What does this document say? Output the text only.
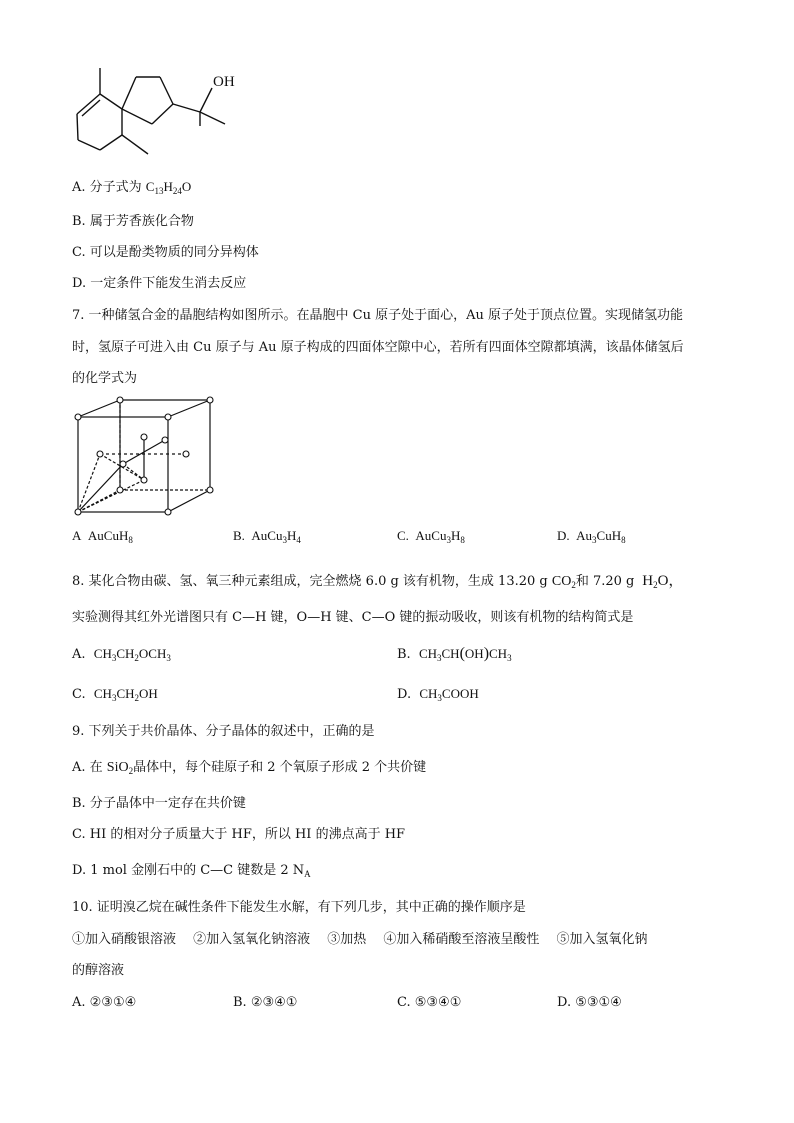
OH
A. 分子式为 $C_{13}H_{24}O$
B. 属于芳香族化合物
C. 可以是酚类物质的同分异构体
D. 一定条件下能发生消去反应
7. 一种储氢合金的晶胞结构如图所示。在晶胞中 Cu 原子处于面心，Au 原子处于顶点位置。实现储氢功能
时，氢原子可进入由 Cu 原子与 Au 原子构成的四面体空隙中心，若所有四面体空隙都填满，该晶体储氢后
的化学式为
A AuCuH$_8$	B. $AuCu_3H_4$	C. $AuCu_3H_8$	D. $Au_3CuH_8$
8. 某化合物由碳、氢、氧三种元素组成，完全燃烧 6.0 g 该有机物，生成 13.20 g $CO_2$和 7.20 g  $H_2O$，
实验测得其红外光谱图只有 C—H 键，O—H 键、C—O 键的振动吸收，则该有机物的结构简式是
A. $CH_3CH_2OCH_3$	B. $CH_3CH(OH)CH_3$
C. $CH_3CH_2OH$	D. $CH_3COOH$
9. 下列关于共价晶体、分子晶体的叙述中，正确的是
A. 在 SiO$_2$晶体中，每个硅原子和 2 个氧原子形成 2 个共价键
B. 分子晶体中一定存在共价键
C. HI 的相对分子质量大于 HF，所以 HI 的沸点高于 HF
D. 1 mol 金刚石中的 C—C 键数是 2 $N_A$
10. 证明溴乙烷在碱性条件下能发生水解，有下列几步，其中正确的操作顺序是
①加入硝酸银溶液　 ②加入氢氧化钠溶液　 ③加热　 ④加入稀硝酸至溶液呈酸性　 ⑤加入氢氧化钠
的醇溶液
A. ②③①④	B. ②③④①	C. ⑤③④①	D. ⑤③①④
